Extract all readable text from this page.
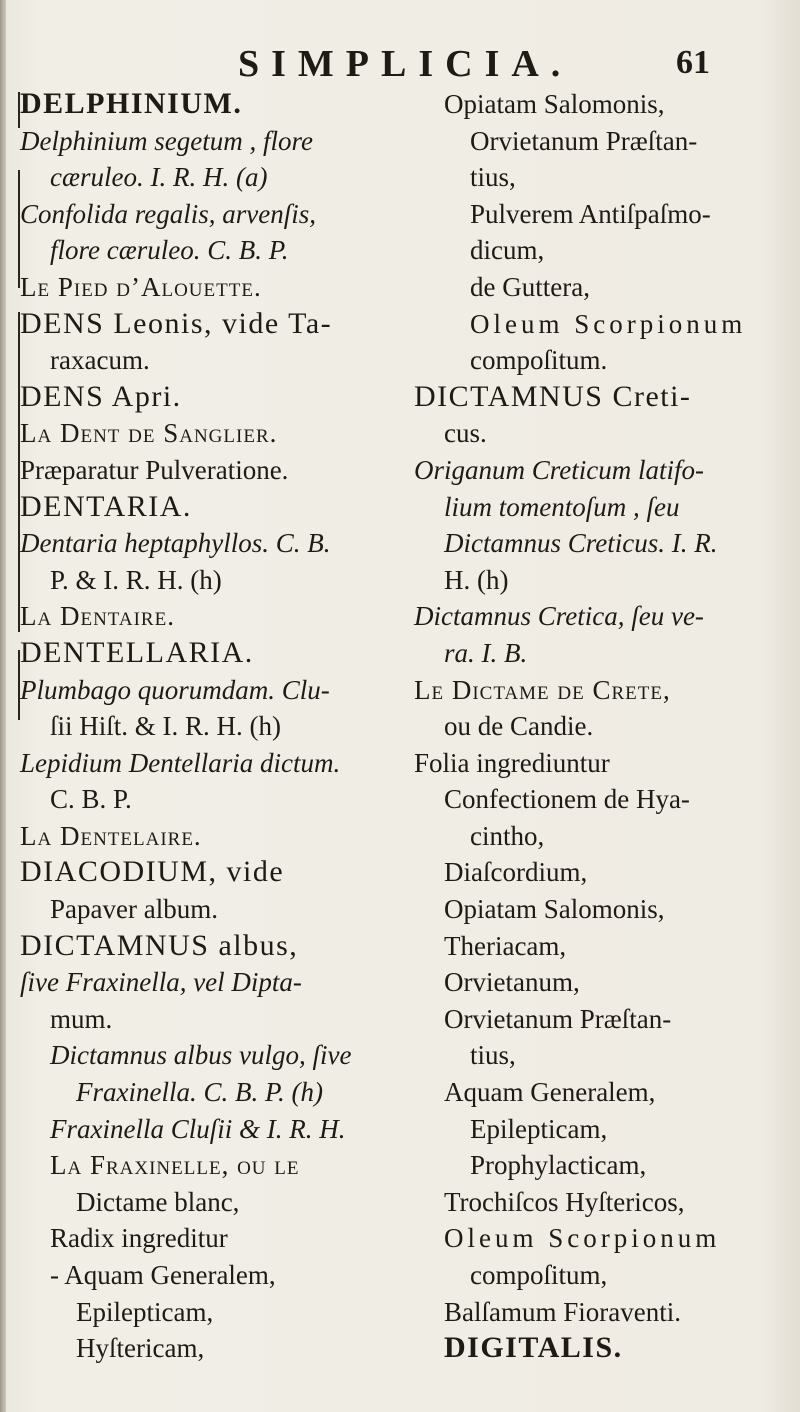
SIMPLICIA.	61
DELPHINIUM.
Delphinium segetum , flore
cæruleo. I. R. H. (a)
Confolida regalis, arvenſis,
flore cæruleo. C. B. P.
Le Pied d’Alouette.
DENS Leonis, vide Ta-
raxacum.
DENS Apri.
La Dent de Sanglier.
Præparatur Pulveratione.
DENTARIA.
Dentaria heptaphyllos. C. B.
P. & I. R. H. (h)
La Dentaire.
DENTELLARIA.
Plumbago quorumdam. Clu-
ſii Hiſt. & I. R. H. (h)
Lepidium Dentellaria dictum.
C. B. P.
La Dentelaire.
DIACODIUM, vide
Papaver album.
DICTAMNUS albus,
ſive Fraxinella, vel Dipta-
mum.
Dictamnus albus vulgo, ſive
Fraxinella. C. B. P. (h)
Fraxinella Cluſii & I. R. H.
La Fraxinelle, ou le
Dictame blanc,
Radix ingreditur
- Aquam Generalem,
Epilepticam,
Hyſtericam,
Opiatam Salomonis,
Orvietanum Præſtan-
tius,
Pulverem Antiſpaſmo-
dicum,
de Guttera,
Oleum Scorpionum
compoſitum.
DICTAMNUS Creti-
cus.
Origanum Creticum latifo-
lium tomentoſum , ſeu
Dictamnus Creticus. I. R.
H. (h)
Dictamnus Cretica, ſeu ve-
ra. I. B.
Le Dictame de Crete,
ou de Candie.
Folia ingrediuntur
Confectionem de Hya-
cintho,
Diaſcordium,
Opiatam Salomonis,
Theriacam,
Orvietanum,
Orvietanum Præſtan-
tius,
Aquam Generalem,
Epilepticam,
Prophylacticam,
Trochiſcos Hyſtericos,
Oleum Scorpionum
compoſitum,
Balſamum Fioraventi.
DIGITALIS.
